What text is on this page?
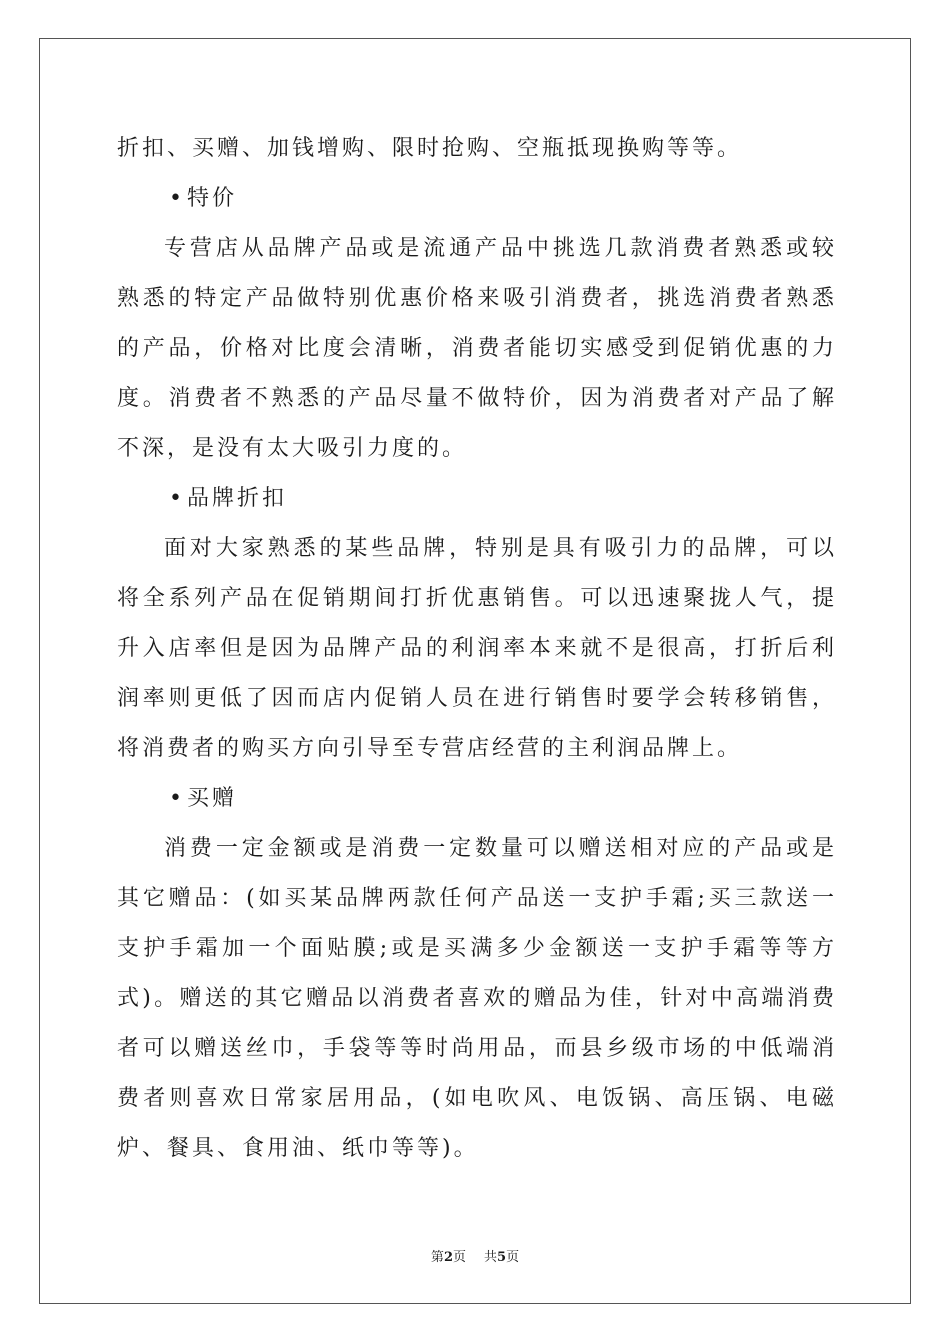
折扣、买赠、加钱增购、限时抢购、空瓶抵现换购等等。

•特价

专营店从品牌产品或是流通产品中挑选几款消费者熟悉或较熟悉的特定产品做特别优惠价格来吸引消费者，挑选消费者熟悉的产品，价格对比度会清晰，消费者能切实感受到促销优惠的力度。消费者不熟悉的产品尽量不做特价，因为消费者对产品了解不深，是没有太大吸引力度的。

•品牌折扣

面对大家熟悉的某些品牌，特别是具有吸引力的品牌，可以将全系列产品在促销期间打折优惠销售。可以迅速聚拢人气，提升入店率但是因为品牌产品的利润率本来就不是很高，打折后利润率则更低了因而店内促销人员在进行销售时要学会转移销售，将消费者的购买方向引导至专营店经营的主利润品牌上。

•买赠

消费一定金额或是消费一定数量可以赠送相对应的产品或是其它赠品：(如买某品牌两款任何产品送一支护手霜;买三款送一支护手霜加一个面贴膜;或是买满多少金额送一支护手霜等等方式)。赠送的其它赠品以消费者喜欢的赠品为佳，针对中高端消费者可以赠送丝巾，手袋等等时尚用品，而县乡级市场的中低端消费者则喜欢日常家居用品，(如电吹风、电饭锅、高压锅、电磁炉、餐具、食用油、纸巾等等)。

第2页 共5页
